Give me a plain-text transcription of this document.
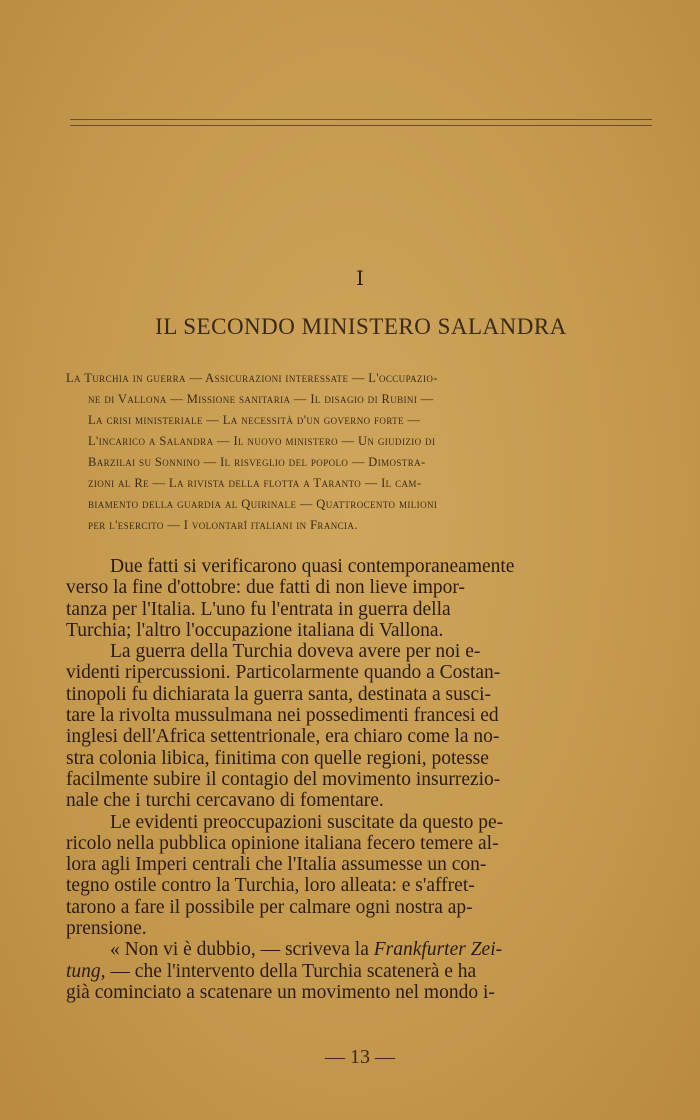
I
IL SECONDO MINISTERO SALANDRA

La Turchia in guerra — Assicurazioni interessate — L'occupazio-
ne di Vallona — Missione sanitaria — Il disagio di Rubini —
La crisi ministeriale — La necessità d'un governo forte —
L'incarico a Salandra — Il nuovo ministero — Un giudizio di
Barzilai su Sonnino — Il risveglio del popolo — Dimostra-
zioni al Re — La rivista della flotta a Taranto — Il cam-
biamento della guardia al Quirinale — Quattrocento milioni
per l'esercito — I volontarî italiani in Francia.

Due fatti si verificarono quasi contemporaneamente
verso la fine d'ottobre: due fatti di non lieve impor-
tanza per l'Italia. L'uno fu l'entrata in guerra della
Turchia; l'altro l'occupazione italiana di Vallona.
La guerra della Turchia doveva avere per noi e-
videnti ripercussioni. Particolarmente quando a Costan-
tinopoli fu dichiarata la guerra santa, destinata a susci-
tare la rivolta mussulmana nei possedimenti francesi ed
inglesi dell'Africa settentrionale, era chiaro come la no-
stra colonia libica, finitima con quelle regioni, potesse
facilmente subire il contagio del movimento insurrezio-
nale che i turchi cercavano di fomentare.
Le evidenti preoccupazioni suscitate da questo pe-
ricolo nella pubblica opinione italiana fecero temere al-
lora agli Imperi centrali che l'Italia assumesse un con-
tegno ostile contro la Turchia, loro alleata: e s'affret-
tarono a fare il possibile per calmare ogni nostra ap-
prensione.
« Non vi è dubbio, — scriveva la Frankfurter Zei-
tung, — che l'intervento della Turchia scatenerà e ha
già cominciato a scatenare un movimento nel mondo i-
— 13 —
